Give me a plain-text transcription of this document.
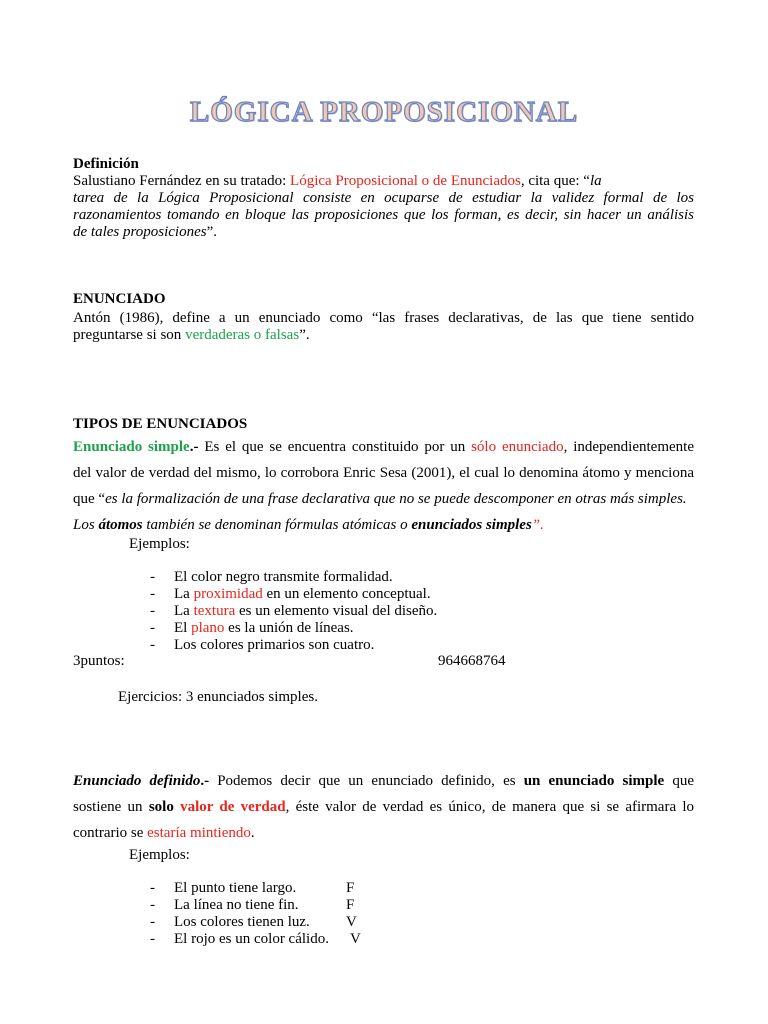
LÓGICA PROPOSICIONAL
Definición
Salustiano Fernández en su tratado: Lógica Proposicional o de Enunciados, cita que: “la
tarea de la Lógica Proposicional consiste en ocuparse de estudiar la validez formal de los
razonamientos tomando en bloque las proposiciones que los forman, es decir, sin hacer un análisis
de tales proposiciones”.
ENUNCIADO
Antón (1986), define a un enunciado como “las frases declarativas, de las que tiene sentido
preguntarse si son verdaderas o falsas”.
TIPOS DE ENUNCIADOS
Enunciado simple.- Es el que se encuentra constituido por un sólo enunciado, independientemente
del valor de verdad del mismo, lo corrobora Enric Sesa (2001), el cual lo denomina átomo y menciona
que “es la formalización de una frase declarativa que no se puede descomponer en otras más simples.
Los átomos también se denominan fórmulas atómicas o enunciados simples”.
Ejemplos:
- El color negro transmite formalidad.
- La proximidad en un elemento conceptual.
- La textura es un elemento visual del diseño.
- El plano es la unión de líneas.
- Los colores primarios son cuatro.
3puntos:	964668764
Ejercicios: 3 enunciados simples.
Enunciado definido.- Podemos decir que un enunciado definido, es un enunciado simple que
sostiene un solo valor de verdad, éste valor de verdad es único, de manera que si se afirmara lo
contrario se estaría mintiendo.
Ejemplos:
- El punto tiene largo.	F
- La línea no tiene fin.	F
- Los colores tienen luz. V
- El rojo es un color cálido. V
